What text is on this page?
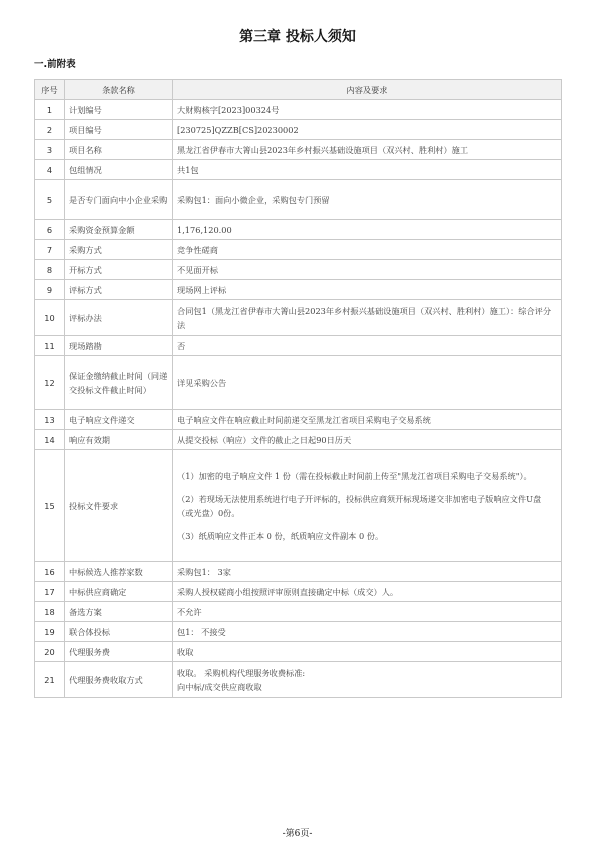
第三章 投标人须知
一.前附表
序号	条款名称	内容及要求
1	计划编号	大财购核字[2023]00324号

2	项目编号	[230725]QZZB[CS]20230002

3	项目名称	黑龙江省伊春市大箐山县2023年乡村振兴基础设施项目（双兴村、胜利村）施工

4	包组情况	共1包

5	是否专门面向中小企业采购	采购包1：面向小微企业，采购包专门预留

6	采购资金预算金额	1,176,120.00

7	采购方式	竞争性磋商

8	开标方式	不见面开标

9	评标方式	现场网上评标

10	评标办法	合同包1（黑龙江省伊春市大箐山县2023年乡村振兴基础设施项目（双兴村、胜利村）施工）：综合评分法

11	现场踏勘	否

12	保证金缴纳截止时间（同递交投标文件截止时间）	详见采购公告

13	电子响应文件递交	电子响应文件在响应截止时间前递交至黑龙江省项目采购电子交易系统

14	响应有效期	从提交投标（响应）文件的截止之日起90日历天

15	投标文件要求	（1）加密的电子响应文件 1 份（需在投标截止时间前上传至"黑龙江省项目采购电子交易系统"）。
（2）若现场无法使用系统进行电子开评标的，投标供应商须开标现场递交非加密电子版响应文件U盘（或光盘）0份。
（3）纸质响应文件正本 0 份，纸质响应文件副本 0 份。

16	中标候选人推荐家数	采购包1： 3家

17	中标供应商确定	采购人授权磋商小组按照评审原则直接确定中标（成交）人。

18	备选方案	不允许

19	联合体投标	包1： 不接受

20	代理服务费	收取

21	代理服务费收取方式	收取。 采购机构代理服务收费标准:
向中标/成交供应商收取
-第6页-
